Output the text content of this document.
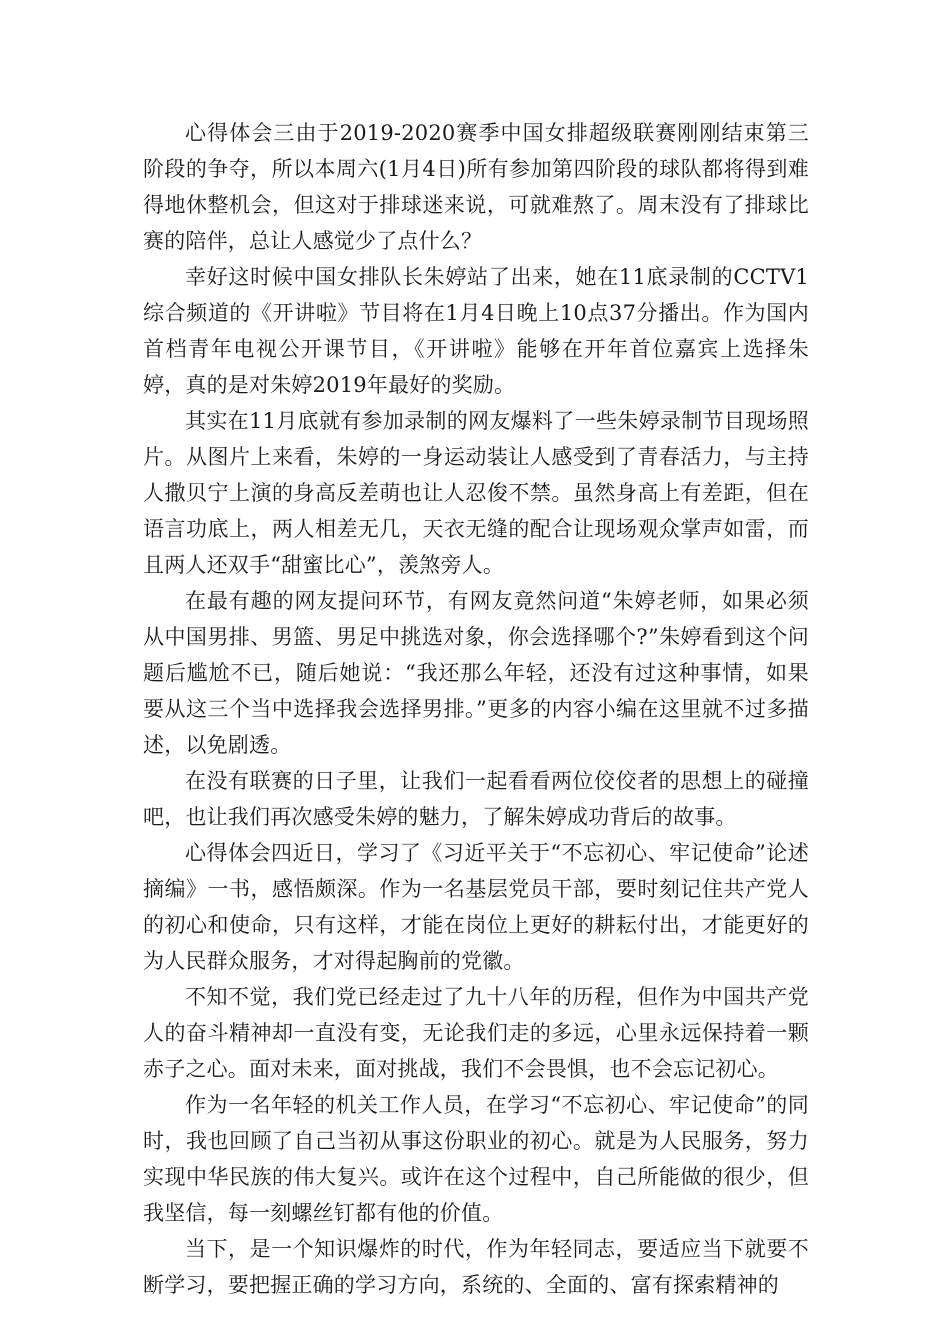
心得体会三由于2019-2020赛季中国女排超级联赛刚刚结束第三阶段的争夺，所以本周六(1月4日)所有参加第四阶段的球队都将得到难得地休整机会，但这对于排球迷来说，可就难熬了。周末没有了排球比赛的陪伴，总让人感觉少了点什么？

幸好这时候中国女排队长朱婷站了出来，她在11底录制的CCTV1综合频道的《开讲啦》节目将在1月4日晚上10点37分播出。作为国内首档青年电视公开课节目，《开讲啦》能够在开年首位嘉宾上选择朱婷，真的是对朱婷2019年最好的奖励。

其实在11月底就有参加录制的网友爆料了一些朱婷录制节目现场照片。从图片上来看，朱婷的一身运动装让人感受到了青春活力，与主持人撒贝宁上演的身高反差萌也让人忍俊不禁。虽然身高上有差距，但在语言功底上，两人相差无几，天衣无缝的配合让现场观众掌声如雷，而且两人还双手“甜蜜比心”，羡煞旁人。

在最有趣的网友提问环节，有网友竟然问道“朱婷老师，如果必须从中国男排、男篮、男足中挑选对象，你会选择哪个?”朱婷看到这个问题后尴尬不已，随后她说：“我还那么年轻，还没有过这种事情，如果要从这三个当中选择我会选择男排。”更多的内容小编在这里就不过多描述，以免剧透。

在没有联赛的日子里，让我们一起看看两位佼佼者的思想上的碰撞吧，也让我们再次感受朱婷的魅力，了解朱婷成功背后的故事。

心得体会四近日，学习了《习近平关于“不忘初心、牢记使命”论述摘编》一书，感悟颇深。作为一名基层党员干部，要时刻记住共产党人的初心和使命，只有这样，才能在岗位上更好的耕耘付出，才能更好的为人民群众服务，才对得起胸前的党徽。

不知不觉，我们党已经走过了九十八年的历程，但作为中国共产党人的奋斗精神却一直没有变，无论我们走的多远，心里永远保持着一颗赤子之心。面对未来，面对挑战，我们不会畏惧，也不会忘记初心。

作为一名年轻的机关工作人员，在学习“不忘初心、牢记使命”的同时，我也回顾了自己当初从事这份职业的初心。就是为人民服务，努力实现中华民族的伟大复兴。或许在这个过程中，自己所能做的很少，但我坚信，每一刻螺丝钉都有他的价值。

当下，是一个知识爆炸的时代，作为年轻同志，要适应当下就要不断学习，要把握正确的学习方向，系统的、全面的、富有探索精神的
